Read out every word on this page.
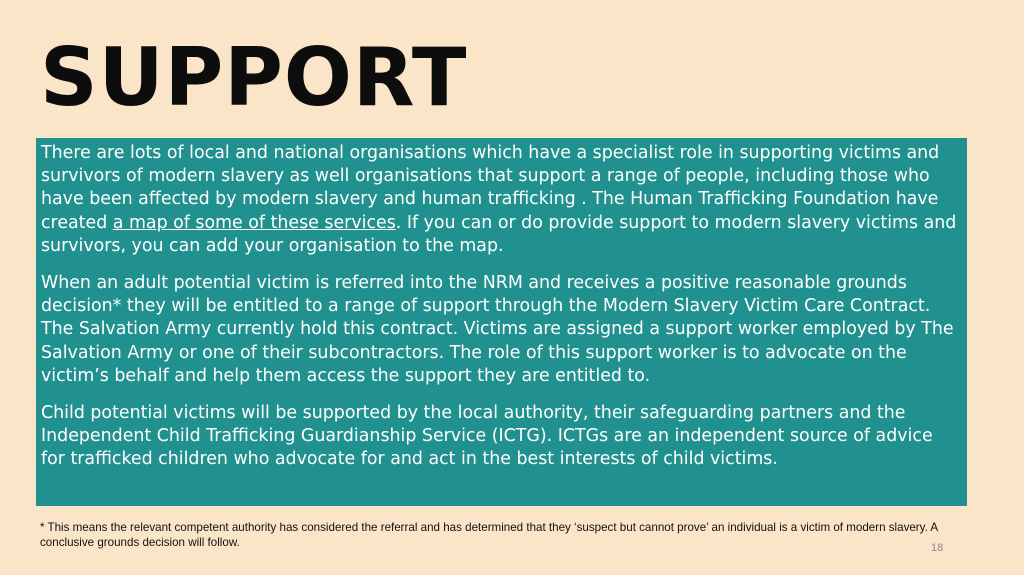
SUPPORT

There are lots of local and national organisations which have a specialist role in supporting victims and survivors of modern slavery as well organisations that support a range of people, including those who have been affected by modern slavery and human trafficking . The Human Trafficking Foundation have created a map of some of these services. If you can or do provide support to modern slavery victims and survivors, you can add your organisation to the map.

When an adult potential victim is referred into the NRM and receives a positive reasonable grounds decision* they will be entitled to a range of support through the Modern Slavery Victim Care Contract. The Salvation Army currently hold this contract. Victims are assigned a support worker employed by The Salvation Army or one of their subcontractors. The role of this support worker is to advocate on the victim’s behalf and help them access the support they are entitled to.

Child potential victims will be supported by the local authority, their safeguarding partners and the Independent Child Trafficking Guardianship Service (ICTG). ICTGs are an independent source of advice for trafficked children who advocate for and act in the best interests of child victims.

* This means the relevant competent authority has considered the referral and has determined that they ‘suspect but cannot prove’ an individual is a victim of modern slavery. A conclusive grounds decision will follow.	18
